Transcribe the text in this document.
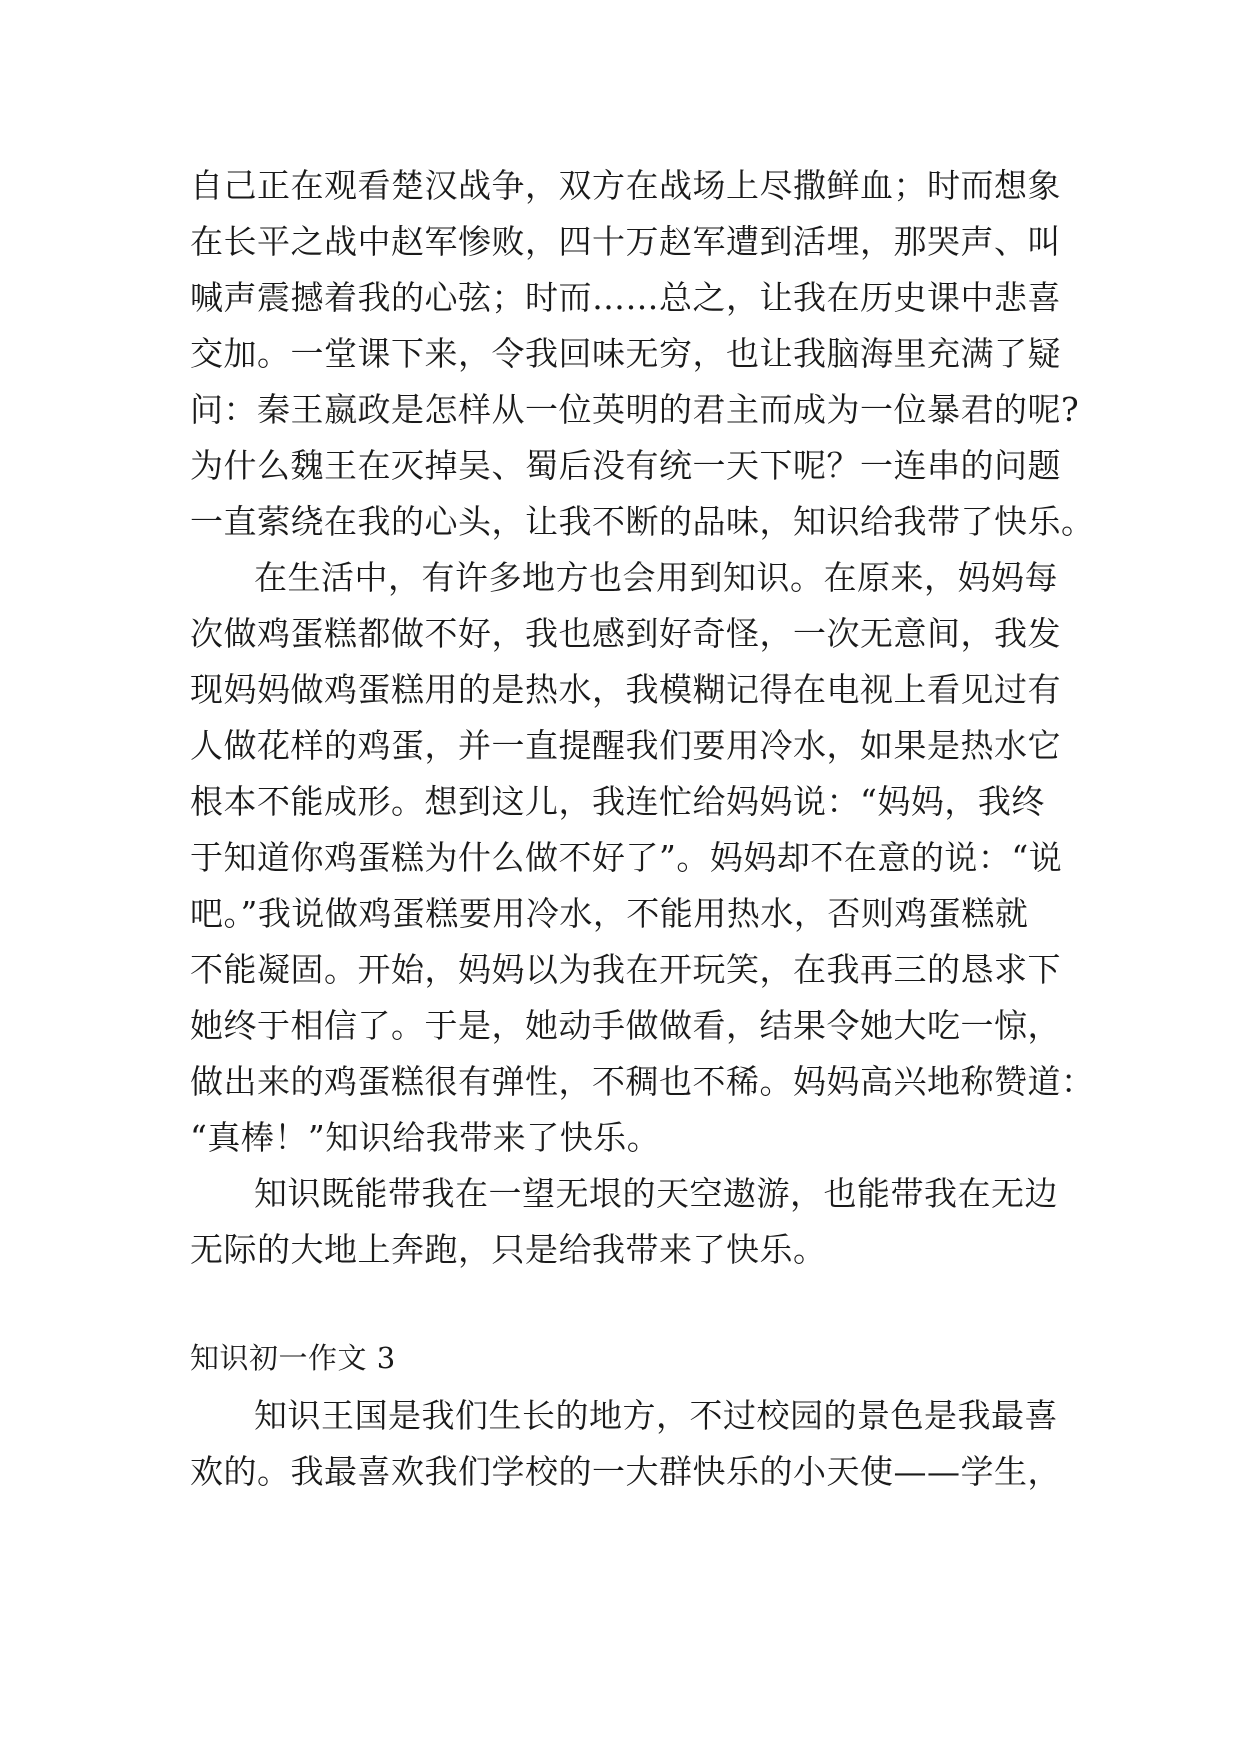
自己正在观看楚汉战争，双方在战场上尽撒鲜血；时而想象
在长平之战中赵军惨败，四十万赵军遭到活埋，那哭声、叫
喊声震撼着我的心弦；时而……总之，让我在历史课中悲喜
交加。一堂课下来，令我回味无穷，也让我脑海里充满了疑
问：秦王嬴政是怎样从一位英明的君主而成为一位暴君的呢?
为什么魏王在灭掉吴、蜀后没有统一天下呢？一连串的问题
一直萦绕在我的心头，让我不断的品味，知识给我带了快乐。
在生活中，有许多地方也会用到知识。在原来，妈妈每
次做鸡蛋糕都做不好，我也感到好奇怪，一次无意间，我发
现妈妈做鸡蛋糕用的是热水，我模糊记得在电视上看见过有
人做花样的鸡蛋，并一直提醒我们要用冷水，如果是热水它
根本不能成形。想到这儿，我连忙给妈妈说：“妈妈，我终
于知道你鸡蛋糕为什么做不好了”。妈妈却不在意的说：“说
吧。”我说做鸡蛋糕要用冷水，不能用热水，否则鸡蛋糕就
不能凝固。开始，妈妈以为我在开玩笑，在我再三的恳求下
她终于相信了。于是，她动手做做看，结果令她大吃一惊，
做出来的鸡蛋糕很有弹性，不稠也不稀。妈妈高兴地称赞道：
“真棒！”知识给我带来了快乐。
知识既能带我在一望无垠的天空遨游，也能带我在无边
无际的大地上奔跑，只是给我带来了快乐。
知识初一作文 3
知识王国是我们生长的地方，不过校园的景色是我最喜
欢的。我最喜欢我们学校的一大群快乐的小天使——学生，
